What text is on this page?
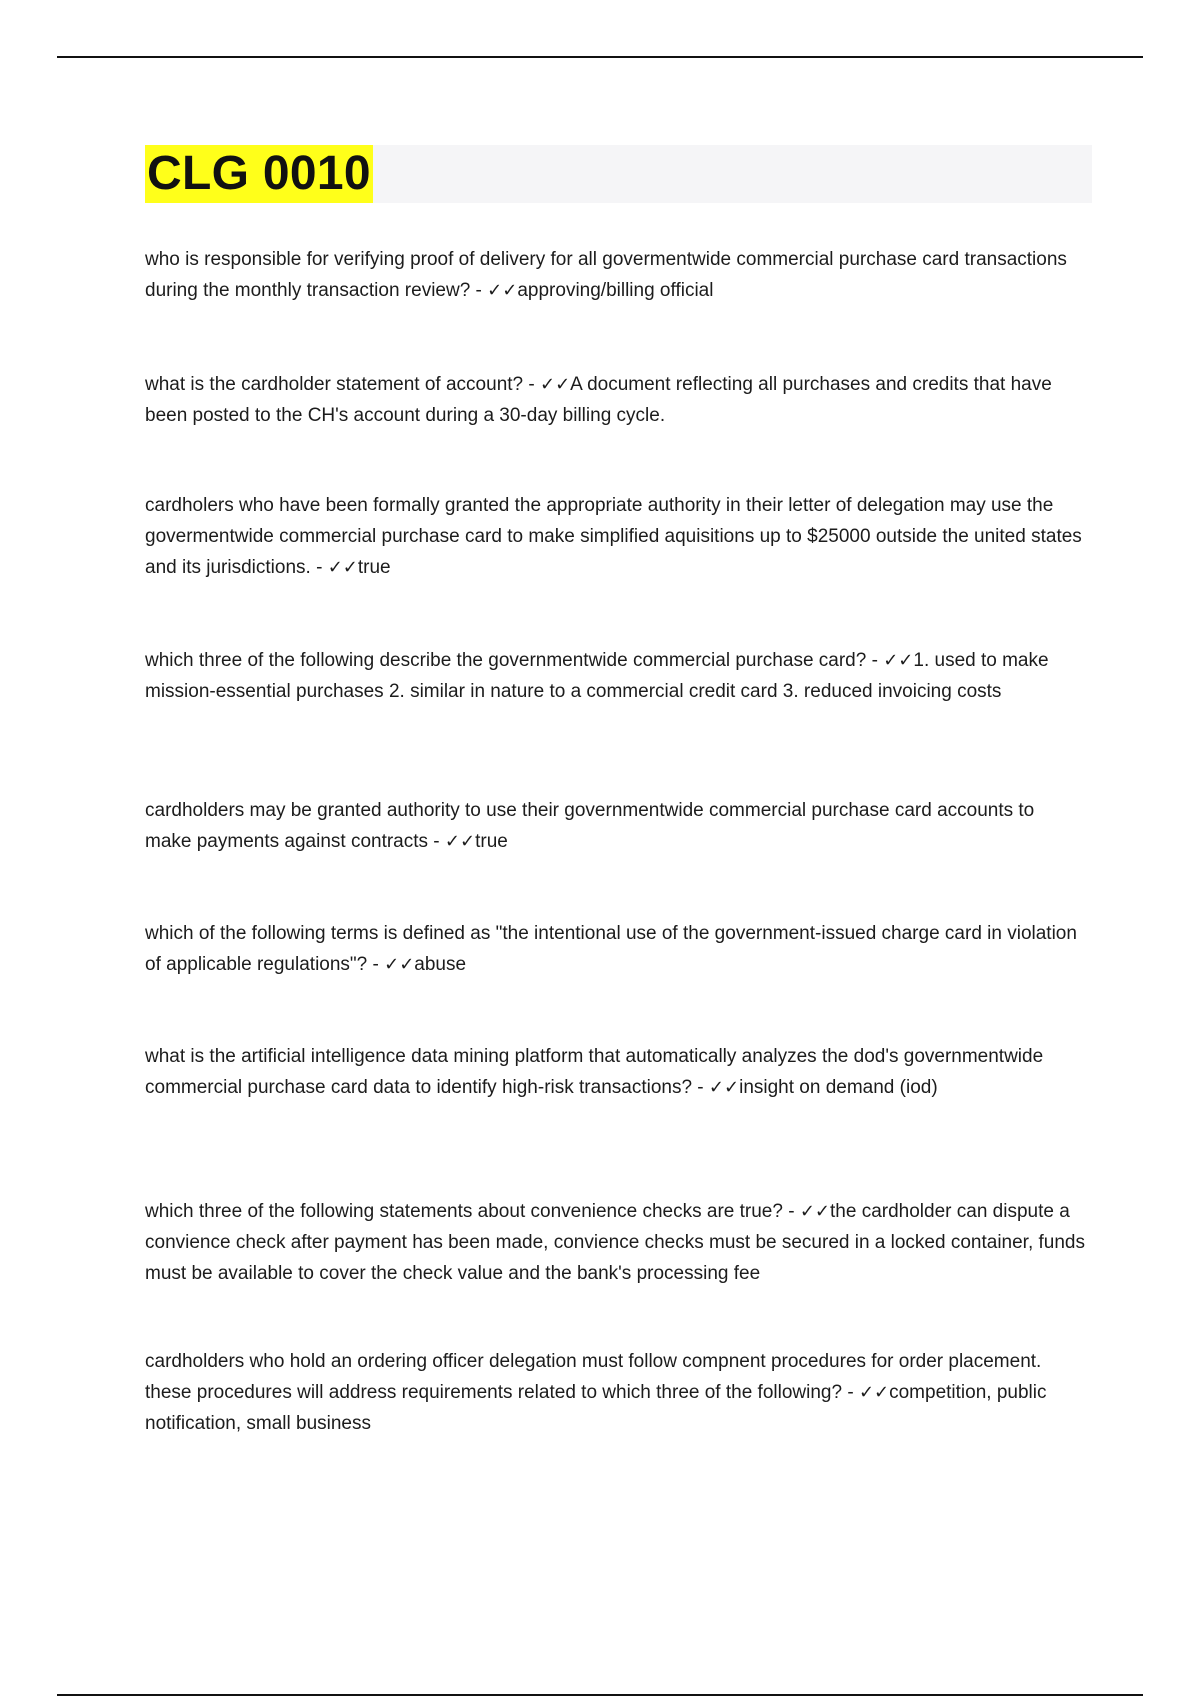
CLG 0010

who is responsible for verifying proof of delivery for all govermentwide commercial purchase card transactions during the monthly transaction review? - ✓✓approving/billing official

what is the cardholder statement of account? - ✓✓A document reflecting all purchases and credits that have been posted to the CH's account during a 30-day billing cycle.

cardholers who have been formally granted the appropriate authority in their letter of delegation may use the govermentwide commercial purchase card to make simplified aquisitions up to $25000 outside the united states and its jurisdictions. - ✓✓true

which three of the following describe the governmentwide commercial purchase card? - ✓✓1. used to make mission-essential purchases 2. similar in nature to a commercial credit card 3. reduced invoicing costs

cardholders may be granted authority to use their governmentwide commercial purchase card accounts to make payments against contracts - ✓✓true

which of the following terms is defined as "the intentional use of the government-issued charge card in violation of applicable regulations"? - ✓✓abuse

what is the artificial intelligence data mining platform that automatically analyzes the dod's governmentwide commercial purchase card data to identify high-risk transactions? - ✓✓insight on demand (iod)

which three of the following statements about convenience checks are true? - ✓✓the cardholder can dispute a convience check after payment has been made, convience checks must be secured in a locked container, funds must be available to cover the check value and the bank's processing fee

cardholders who hold an ordering officer delegation must follow compnent procedures for order placement. these procedures will address requirements related to which three of the following? - ✓✓competition, public notification, small business
